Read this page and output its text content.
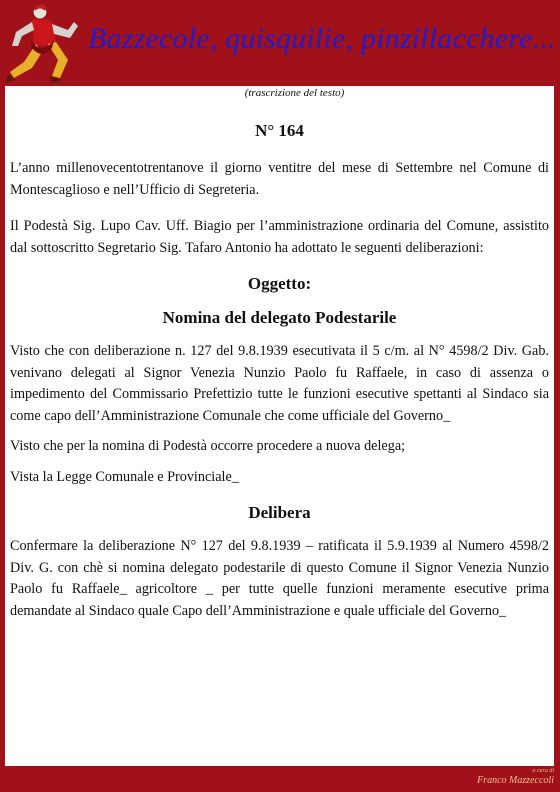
Bazzecole, quisquilie, pinzillacchere...
(trascrizione del testo)
N° 164

L’anno millenovecentotrentanove il giorno ventitre del mese di Settembre nel Comune di Montescaglioso e nell’Ufficio di Segreteria.

Il Podestà Sig. Lupo Cav. Uff. Biagio per l’amministrazione ordinaria del Comune, assistito dal sottoscritto Segretario Sig. Tafaro Antonio ha adottato le seguenti deliberazioni:

Oggetto:
Nomina del delegato Podestarile

Visto che con deliberazione n. 127 del 9.8.1939 esecutivata il 5 c/m. al N° 4598/2 Div. Gab. venivano delegati al Signor Venezia Nunzio Paolo fu Raffaele, in caso di assenza o impedimento del Commissario Prefettizio tutte le funzioni esecutive spettanti al Sindaco sia come capo dell’Amministrazione Comunale che come ufficiale del Governo_

Visto che per la nomina di Podestà occorre procedere a nuova delega;

Vista la Legge Comunale e Provinciale_

Delibera

Confermare la deliberazione N° 127 del 9.8.1939 – ratificata il 5.9.1939 al Numero 4598/2 Div. G. con chè si nomina delegato podestarile di questo Comune il Signor Venezia Nunzio Paolo fu Raffaele_ agricoltore _ per tutte quelle funzioni meramente esecutive prima demandate al Sindaco quale Capo dell’Amministrazione e quale ufficiale del Governo_

a cura di
Franco Mazzeccoli
